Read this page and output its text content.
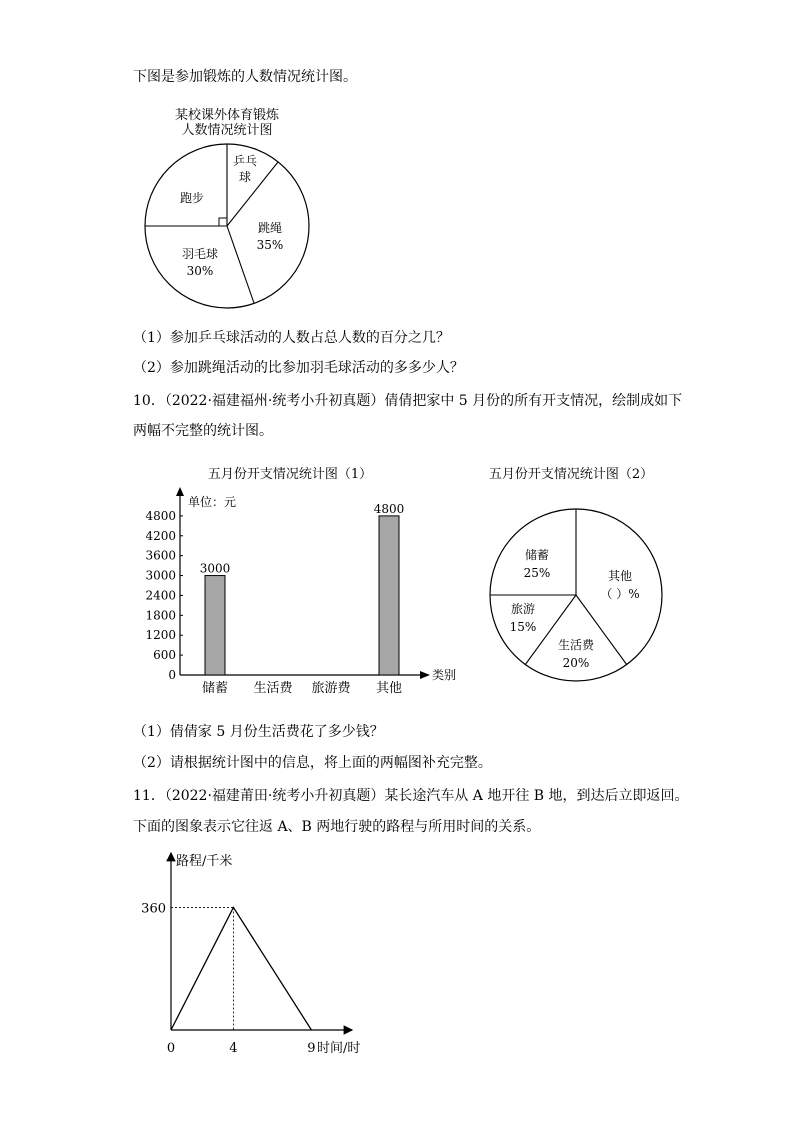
下图是参加锻炼的人数情况统计图。
某校课外体育锻炼
人数情况统计图
乒乓
球
跑步
跳绳
35%
羽毛球
30%
（1）参加乒乓球活动的人数占总人数的百分之几？
（2）参加跳绳活动的比参加羽毛球活动的多多少人？
10．（2022·福建福州·统考小升初真题）倩倩把家中 5 月份的所有开支情况，绘制成如下
两幅不完整的统计图。
五月份开支情况统计图（1）
单位：元
类别
0
600
1200
1800
2400
3000
3600
4200
4800
储蓄
3000
生活费 旅游费 其他
4800
五月份开支情况统计图（2）
储蓄
25%	其他
（ ）%
旅游
15%
生活费
20%
（1）倩倩家 5 月份生活费花了多少钱？
（2）请根据统计图中的信息，将上面的两幅图补充完整。
11．（2022·福建莆田·统考小升初真题）某长途汽车从 A 地开往 B 地，到达后立即返回。
下面的图象表示它往返 A、B 两地行驶的路程与所用时间的关系。
路程/千米
时间/时
0	4	9
360
